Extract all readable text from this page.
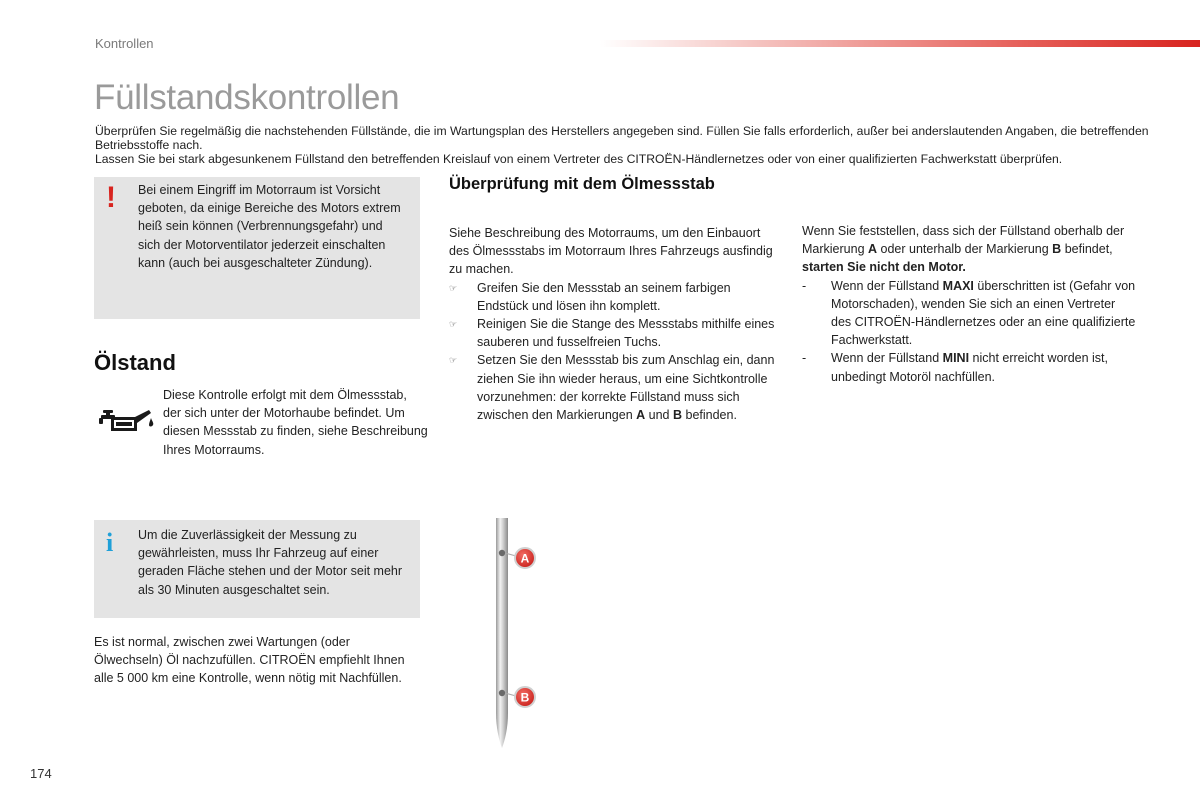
Kontrollen
Füllstandskontrollen

Überprüfen Sie regelmäßig die nachstehenden Füllstände, die im Wartungsplan des Herstellers angegeben sind. Füllen Sie falls erforderlich, außer bei anderslautenden Angaben, die betreffenden Betriebsstoffe nach.

Lassen Sie bei stark abgesunkenem Füllstand den betreffenden Kreislauf von einem Vertreter des CITROËN-Händlernetzes oder von einer qualifizierten Fachwerkstatt überprüfen.

! Bei einem Eingriff im Motorraum ist Vorsicht geboten, da einige Bereiche des Motors extrem heiß sein können (Verbrennungsgefahr) und sich der Motorventilator jederzeit einschalten kann (auch bei ausgeschalteter Zündung).
Ölstand
Diese Kontrolle erfolgt mit dem Ölmessstab, der sich unter der Motorhaube befindet. Um diesen Messstab zu finden, siehe Beschreibung Ihres Motorraums.
i Um die Zuverlässigkeit der Messung zu gewährleisten, muss Ihr Fahrzeug auf einer geraden Fläche stehen und der Motor seit mehr als 30 Minuten ausgeschaltet sein.
Es ist normal, zwischen zwei Wartungen (oder Ölwechseln) Öl nachzufüllen. CITROËN empfiehlt Ihnen alle 5 000 km eine Kontrolle, wenn nötig mit Nachfüllen.
Überprüfung mit dem Ölmessstab

Siehe Beschreibung des Motorraums, um den Einbauort des Ölmessstabs im Motorraum Ihres Fahrzeugs ausfindig zu machen.

☞	Greifen Sie den Messstab an seinem farbigen Endstück und lösen ihn komplett.

☞	Reinigen Sie die Stange des Messstabs mithilfe eines sauberen und fusselfreien Tuchs.

☞	Setzen Sie den Messstab bis zum Anschlag ein, dann ziehen Sie ihn wieder heraus, um eine Sichtkontrolle vorzunehmen: der korrekte Füllstand muss sich zwischen den Markierungen A und B befinden.

Wenn Sie feststellen, dass sich der Füllstand oberhalb der Markierung A oder unterhalb der Markierung B befindet, starten Sie nicht den Motor.

- Wenn der Füllstand MAXI überschritten ist (Gefahr von Motorschaden), wenden Sie sich an einen Vertreter des CITROËN-Händlernetzes oder an eine qualifizierte Fachwerkstatt.

- Wenn der Füllstand MINI nicht erreicht worden ist, unbedingt Motoröl nachfüllen.

A
B
174
